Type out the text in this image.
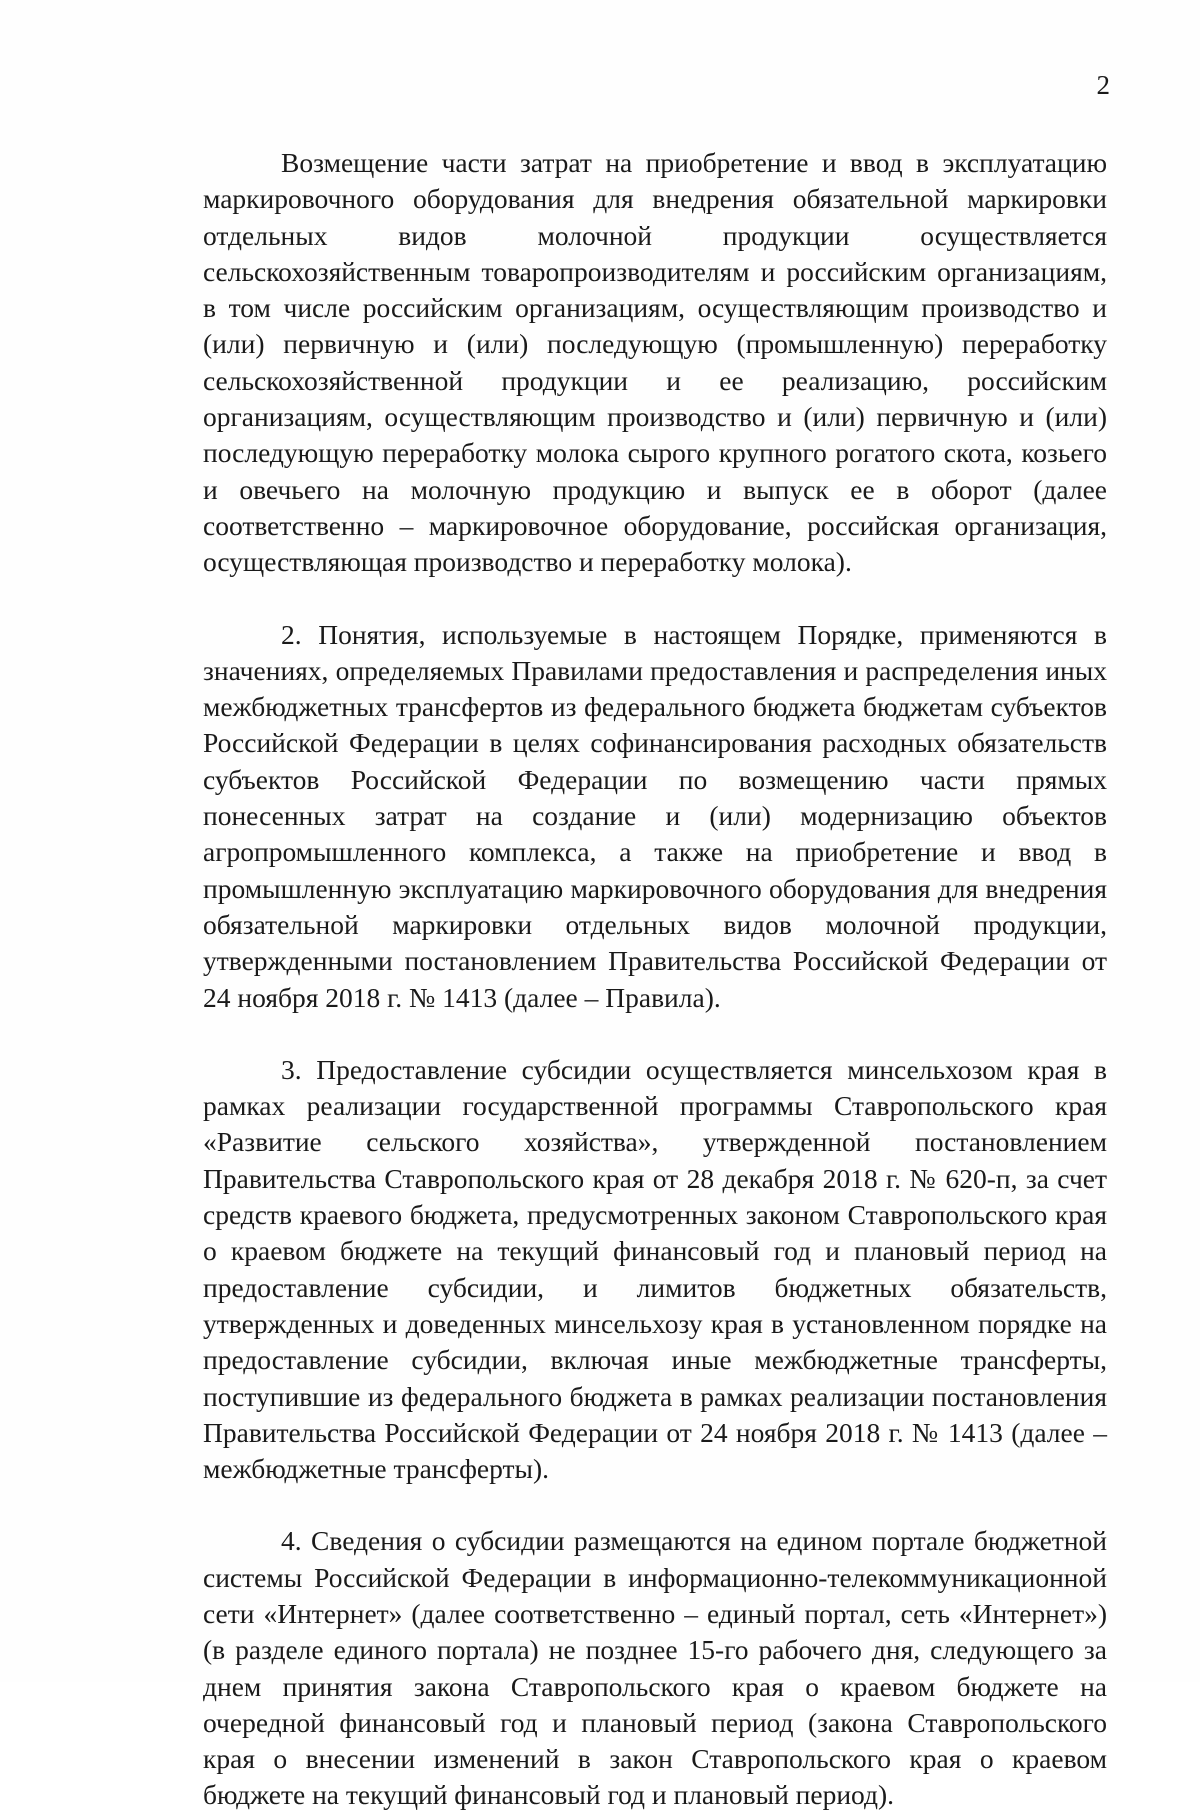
2

Возмещение части затрат на приобретение и ввод в эксплуатацию маркировочного оборудования для внедрения обязательной маркировки отдельных видов молочной продукции осуществляется сельскохозяйственным товаропроизводителям и российским организациям, в том числе российским организациям, осуществляющим производство и (или) первичную и (или) последующую (промышленную) переработку сельскохозяйственной продукции и ее реализацию, российским организациям, осуществляющим производство и (или) первичную и (или) последующую переработку молока сырого крупного рогатого скота, козьего и овечьего на молочную продукцию и выпуск ее в оборот (далее соответственно – маркировочное оборудование, российская организация, осуществляющая производство и переработку молока).

2. Понятия, используемые в настоящем Порядке, применяются в значениях, определяемых Правилами предоставления и распределения иных межбюджетных трансфертов из федерального бюджета бюджетам субъектов Российской Федерации в целях софинансирования расходных обязательств субъектов Российской Федерации по возмещению части прямых понесенных затрат на создание и (или) модернизацию объектов агропромышленного комплекса, а также на приобретение и ввод в промышленную эксплуатацию маркировочного оборудования для внедрения обязательной маркировки отдельных видов молочной продукции, утвержденными постановлением Правительства Российской Федерации от 24 ноября 2018 г. № 1413 (далее – Правила).

3. Предоставление субсидии осуществляется минсельхозом края в рамках реализации государственной программы Ставропольского края «Развитие сельского хозяйства», утвержденной постановлением Правительства Ставропольского края от 28 декабря 2018 г. № 620-п, за счет средств краевого бюджета, предусмотренных законом Ставропольского края о краевом бюджете на текущий финансовый год и плановый период на предоставление субсидии, и лимитов бюджетных обязательств, утвержденных и доведенных минсельхозу края в установленном порядке на предоставление субсидии, включая иные межбюджетные трансферты, поступившие из федерального бюджета в рамках реализации постановления Правительства Российской Федерации от 24 ноября 2018 г. № 1413 (далее – межбюджетные трансферты).

4. Сведения о субсидии размещаются на едином портале бюджетной системы Российской Федерации в информационно-телекоммуникационной сети «Интернет» (далее соответственно – единый портал, сеть «Интернет») (в разделе единого портала) не позднее 15-го рабочего дня, следующего за днем принятия закона Ставропольского края о краевом бюджете на очередной финансовый год и плановый период (закона Ставропольского края о внесении изменений в закон Ставропольского края о краевом бюджете на текущий финансовый год и плановый период).
